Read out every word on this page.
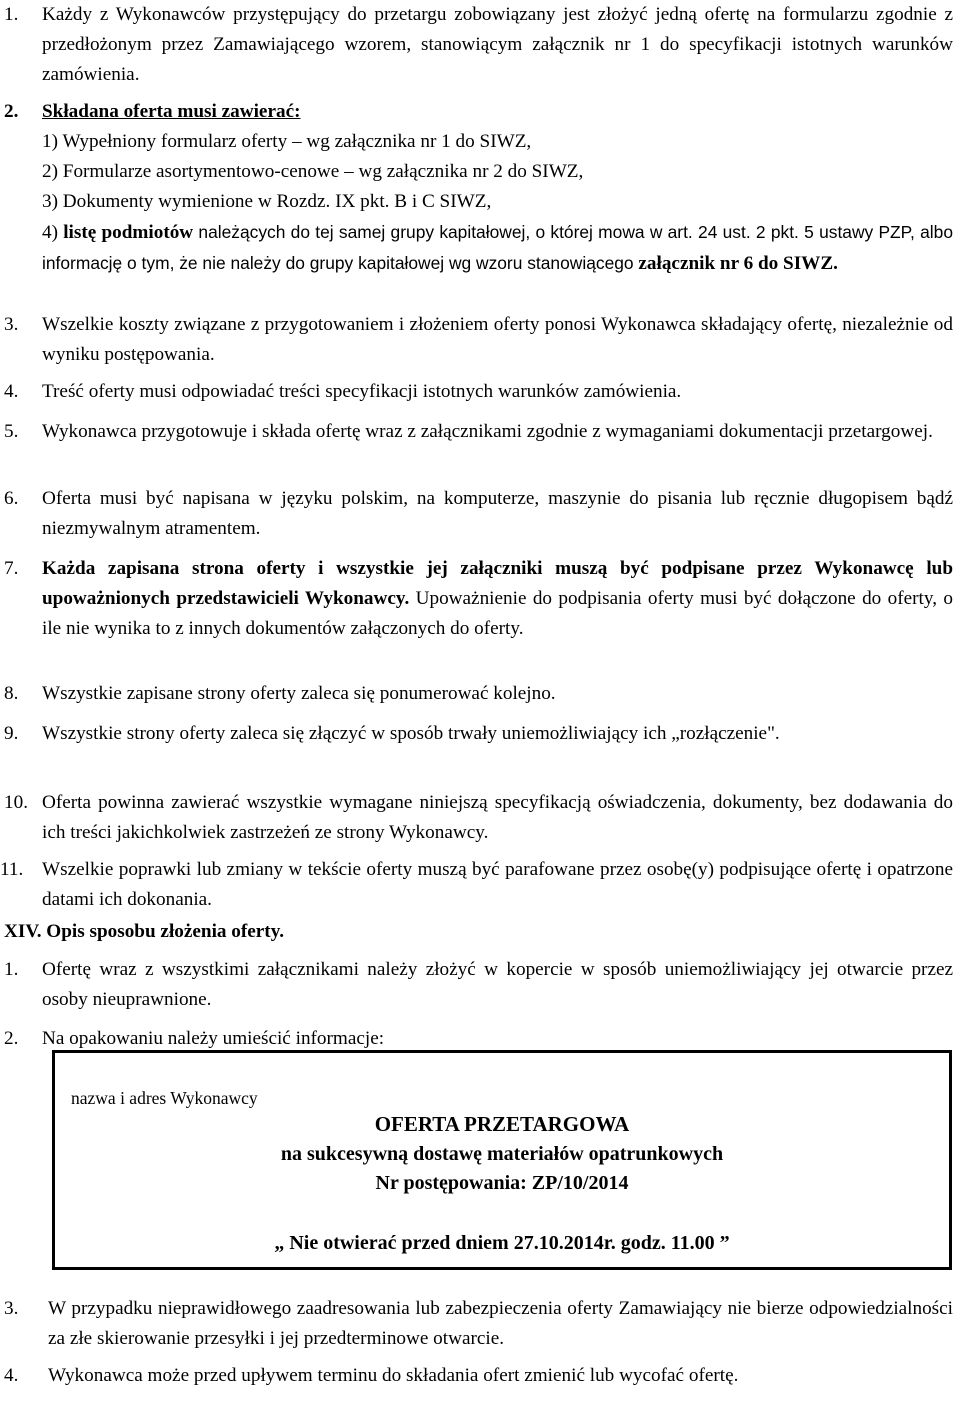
1. Każdy z Wykonawców przystępujący do przetargu zobowiązany jest złożyć jedną ofertę na formularzu zgodnie z przedłożonym przez Zamawiającego wzorem, stanowiącym załącznik nr 1 do specyfikacji istotnych warunków zamówienia.
2. Składana oferta musi zawierać:
1) Wypełniony formularz oferty – wg załącznika nr 1 do SIWZ,
2) Formularze asortymentowo-cenowe – wg załącznika nr 2 do SIWZ,
3) Dokumenty wymienione w Rozdz. IX pkt. B i C SIWZ,
4) listę podmiotów należących do tej samej grupy kapitałowej, o której mowa w art. 24 ust. 2 pkt. 5 ustawy PZP, albo informację o tym, że nie należy do grupy kapitałowej wg wzoru stanowiącego załącznik nr 6 do SIWZ.
3. Wszelkie koszty związane z przygotowaniem i złożeniem oferty ponosi Wykonawca składający ofertę, niezależnie od wyniku postępowania.
4. Treść oferty musi odpowiadać treści specyfikacji istotnych warunków zamówienia.
5. Wykonawca przygotowuje i składa ofertę wraz z załącznikami zgodnie z wymaganiami dokumentacji przetargowej.
6. Oferta musi być napisana w języku polskim, na komputerze, maszynie do pisania lub ręcznie długopisem bądź niezmywalnym atramentem.
7. Każda zapisana strona oferty i wszystkie jej załączniki muszą być podpisane przez Wykonawcę lub upoważnionych przedstawicieli Wykonawcy. Upoważnienie do podpisania oferty musi być dołączone do oferty, o ile nie wynika to z innych dokumentów załączonych do oferty.
8. Wszystkie zapisane strony oferty zaleca się ponumerować kolejno.
9. Wszystkie strony oferty zaleca się złączyć w sposób trwały uniemożliwiający ich „rozłączenie".
10. Oferta powinna zawierać wszystkie wymagane niniejszą specyfikacją oświadczenia, dokumenty, bez dodawania do ich treści jakichkolwiek zastrzeżeń ze strony Wykonawcy.
11. Wszelkie poprawki lub zmiany w tekście oferty muszą być parafowane przez osobę(y) podpisujące ofertę i opatrzone datami ich dokonania.
XIV. Opis sposobu złożenia oferty.
1. Ofertę wraz z wszystkimi załącznikami należy złożyć w kopercie w sposób uniemożliwiający jej otwarcie przez osoby nieuprawnione.
2. Na opakowaniu należy umieścić informacje:
nazwa i adres Wykonawcy
OFERTA PRZETARGOWA
na sukcesywną dostawę materiałów opatrunkowych
Nr postępowania: ZP/10/2014
„ Nie otwierać przed dniem 27.10.2014r. godz. 11.00 ”
3. W przypadku nieprawidłowego zaadresowania lub zabezpieczenia oferty Zamawiający nie bierze odpowiedzialności za złe skierowanie przesyłki i jej przedterminowe otwarcie.
4. Wykonawca może przed upływem terminu do składania ofert zmienić lub wycofać ofertę.
